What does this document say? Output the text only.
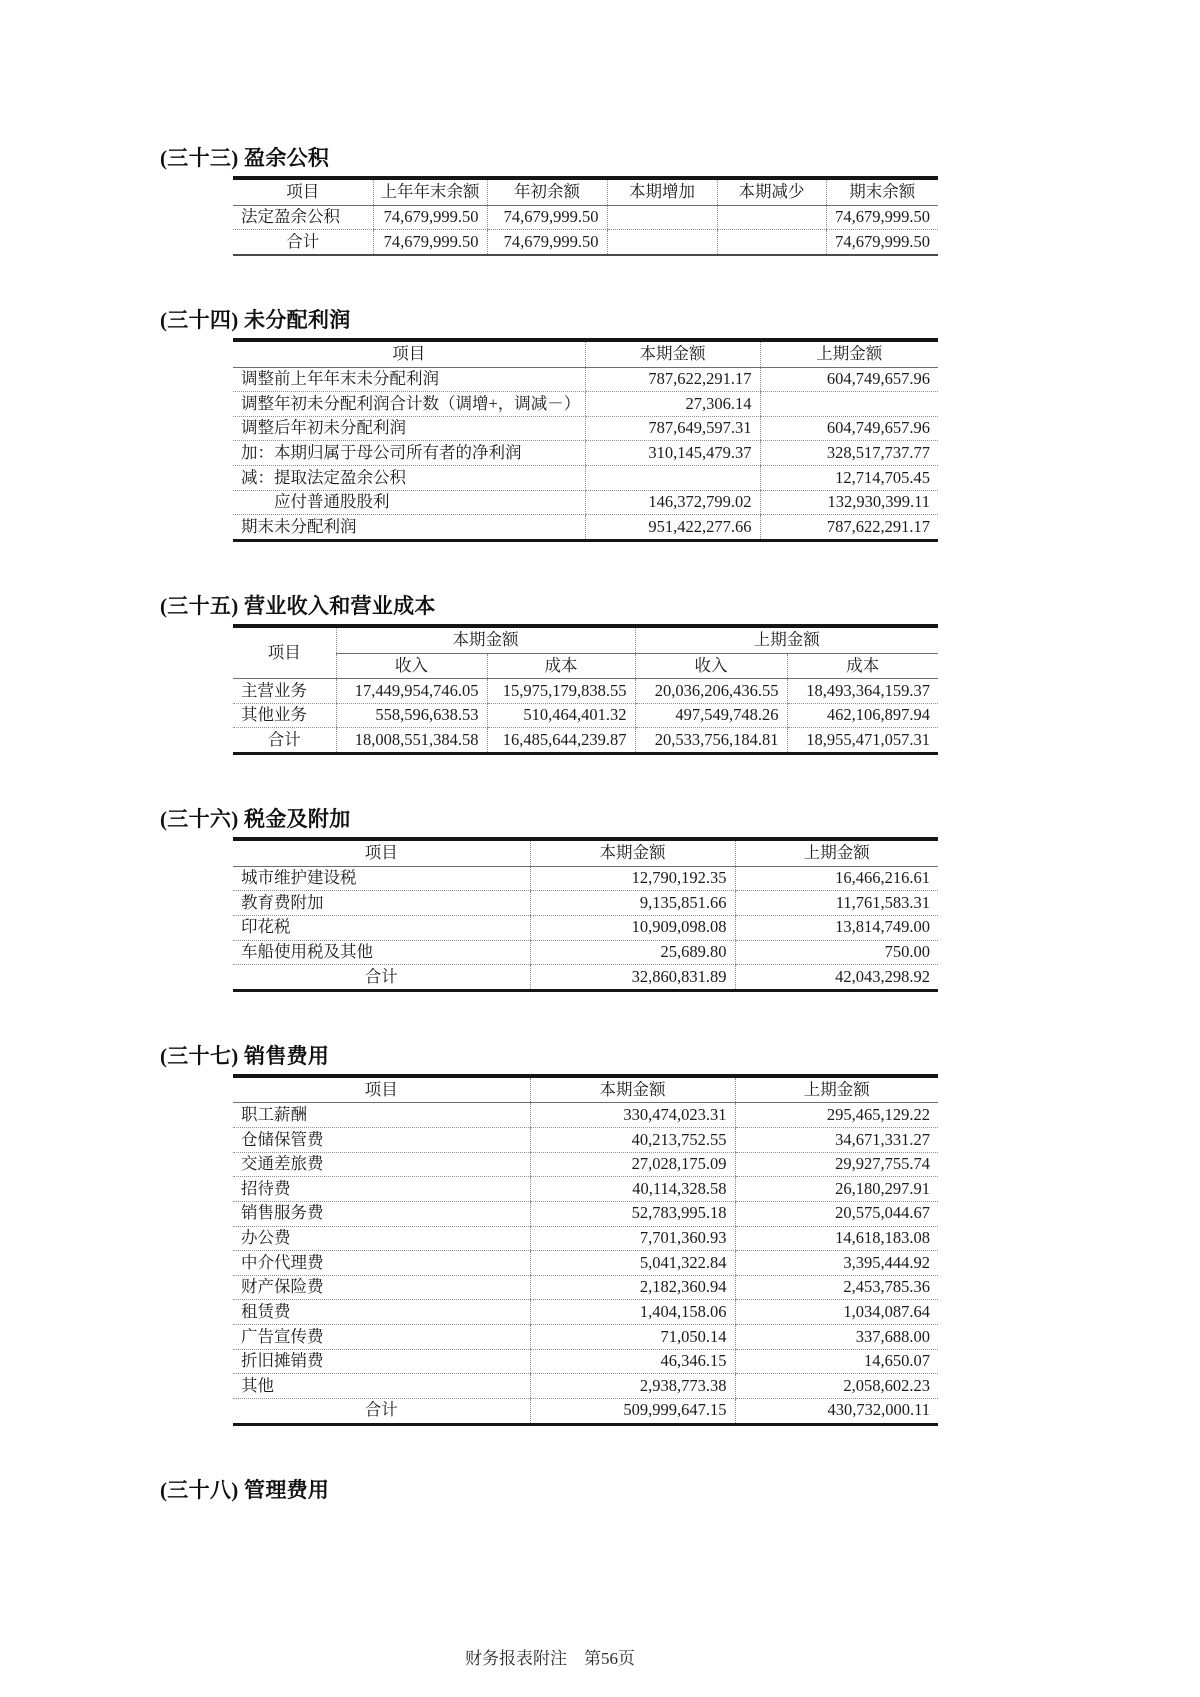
(三十三) 盈余公积
项目	上年年末余额	年初余额	本期增加	本期减少	期末余额
法定盈余公积	74,679,999.50	74,679,999.50			74,679,999.50
合计	74,679,999.50	74,679,999.50			74,679,999.50
(三十四) 未分配利润
项目	本期金额	上期金额
调整前上年年末未分配利润	787,622,291.17	604,749,657.96
调整年初未分配利润合计数（调增+，调减－）	27,306.14	
调整后年初未分配利润	787,649,597.31	604,749,657.96
加：本期归属于母公司所有者的净利润	310,145,479.37	328,517,737.77
减：提取法定盈余公积		12,714,705.45
　　应付普通股股利	146,372,799.02	132,930,399.11
期末未分配利润	951,422,277.66	787,622,291.17
(三十五) 营业收入和营业成本
项目	本期金额		上期金额	
	收入	成本	收入	成本
主营业务	17,449,954,746.05	15,975,179,838.55	20,036,206,436.55	18,493,364,159.37
其他业务	558,596,638.53	510,464,401.32	497,549,748.26	462,106,897.94
合计	18,008,551,384.58	16,485,644,239.87	20,533,756,184.81	18,955,471,057.31
(三十六) 税金及附加
项目	本期金额	上期金额
城市维护建设税	12,790,192.35	16,466,216.61
教育费附加	9,135,851.66	11,761,583.31
印花税	10,909,098.08	13,814,749.00
车船使用税及其他	25,689.80	750.00
合计	32,860,831.89	42,043,298.92
(三十七) 销售费用
项目	本期金额	上期金额
职工薪酬	330,474,023.31	295,465,129.22
仓储保管费	40,213,752.55	34,671,331.27
交通差旅费	27,028,175.09	29,927,755.74
招待费	40,114,328.58	26,180,297.91
销售服务费	52,783,995.18	20,575,044.67
办公费	7,701,360.93	14,618,183.08
中介代理费	5,041,322.84	3,395,444.92
财产保险费	2,182,360.94	2,453,785.36
租赁费	1,404,158.06	1,034,087.64
广告宣传费	71,050.14	337,688.00
折旧摊销费	46,346.15	14,650.07
其他	2,938,773.38	2,058,602.23
合计	509,999,647.15	430,732,000.11
(三十八) 管理费用
财务报表附注　第56页
